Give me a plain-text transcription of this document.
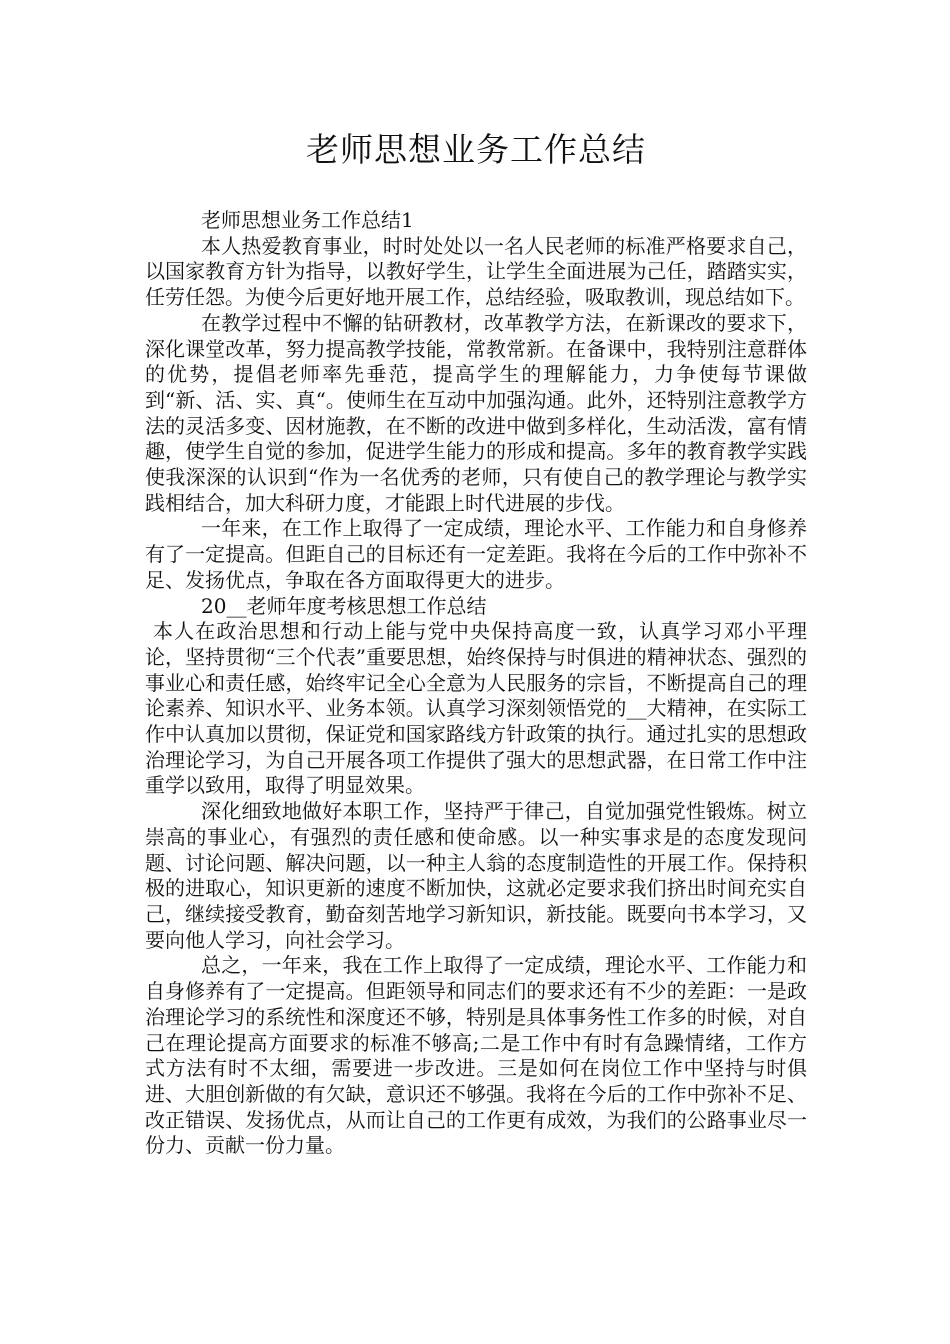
老师思想业务工作总结

老师思想业务工作总结1

本人热爱教育事业，时时处处以一名人民老师的标准严格要求自己，以国家教育方针为指导，以教好学生，让学生全面进展为己任，踏踏实实，任劳任怨。为使今后更好地开展工作，总结经验，吸取教训，现总结如下。

在教学过程中不懈的钻研教材，改革教学方法，在新课改的要求下，深化课堂改革，努力提高教学技能，常教常新。在备课中，我特别注意群体的优势，提倡老师率先垂范，提高学生的理解能力，力争使每节课做到“新、活、实、真“。使师生在互动中加强沟通。此外，还特别注意教学方法的灵活多变、因材施教，在不断的改进中做到多样化，生动活泼，富有情趣，使学生自觉的参加，促进学生能力的形成和提高。多年的教育教学实践使我深深的认识到“作为一名优秀的老师，只有使自己的教学理论与教学实践相结合，加大科研力度，才能跟上时代进展的步伐。

一年来，在工作上取得了一定成绩，理论水平、工作能力和自身修养有了一定提高。但距自己的目标还有一定差距。我将在今后的工作中弥补不足、发扬优点，争取在各方面取得更大的进步。

20__老师年度考核思想工作总结

本人在政治思想和行动上能与党中央保持高度一致，认真学习邓小平理论，坚持贯彻“三个代表”重要思想，始终保持与时俱进的精神状态、强烈的事业心和责任感，始终牢记全心全意为人民服务的宗旨，不断提高自己的理论素养、知识水平、业务本领。认真学习深刻领悟党的__大精神，在实际工作中认真加以贯彻，保证党和国家路线方针政策的执行。通过扎实的思想政治理论学习，为自己开展各项工作提供了强大的思想武器，在日常工作中注重学以致用，取得了明显效果。

深化细致地做好本职工作，坚持严于律己，自觉加强党性锻炼。树立崇高的事业心，有强烈的责任感和使命感。以一种实事求是的态度发现问题、讨论问题、解决问题，以一种主人翁的态度制造性的开展工作。保持积极的进取心，知识更新的速度不断加快，这就必定要求我们挤出时间充实自己，继续接受教育，勤奋刻苦地学习新知识，新技能。既要向书本学习，又要向他人学习，向社会学习。

总之，一年来，我在工作上取得了一定成绩，理论水平、工作能力和自身修养有了一定提高。但距领导和同志们的要求还有不少的差距：一是政治理论学习的系统性和深度还不够，特别是具体事务性工作多的时候，对自己在理论提高方面要求的标准不够高;二是工作中有时有急躁情绪，工作方式方法有时不太细，需要进一步改进。三是如何在岗位工作中坚持与时俱进、大胆创新做的有欠缺，意识还不够强。我将在今后的工作中弥补不足、改正错误、发扬优点，从而让自己的工作更有成效，为我们的公路事业尽一份力、贡献一份力量。
